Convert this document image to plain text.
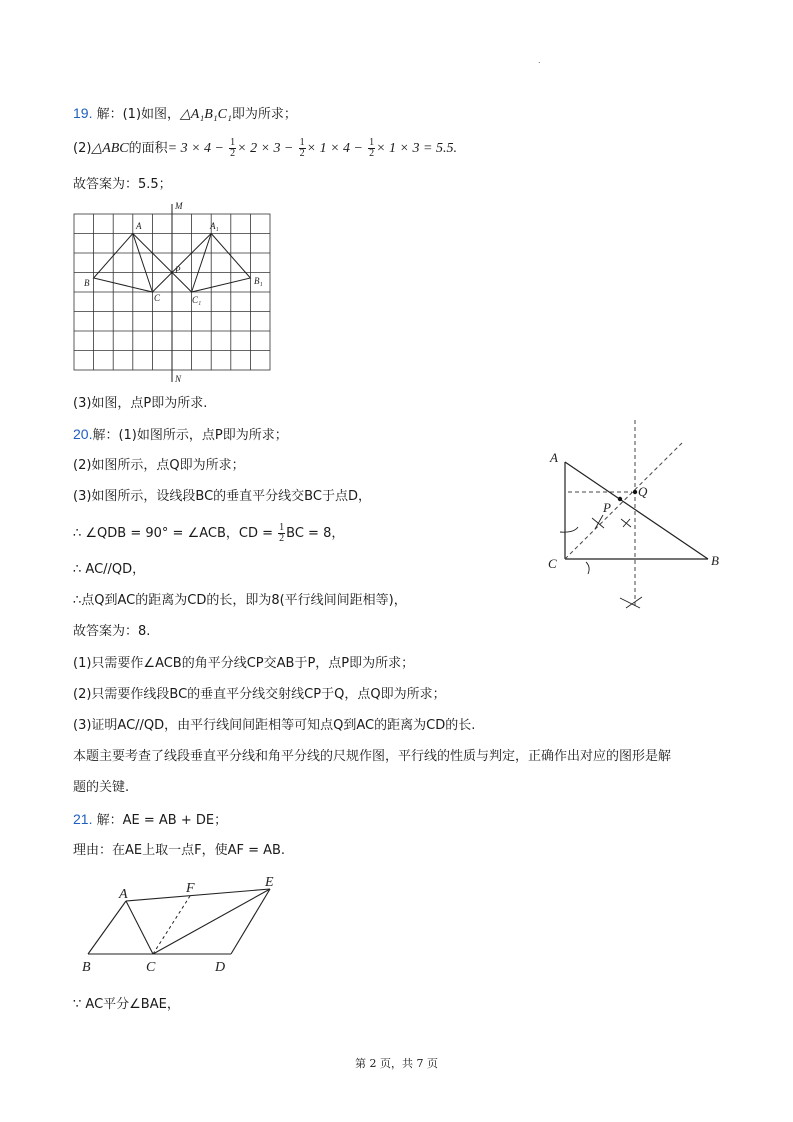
.
19. 解：(1)如图，△A₁B₁C₁即为所求；
(2)△ABC的面积= $3 \times 4 - \frac{1}{2} \times 2 \times 3 - \frac{1}{2} \times 1 \times 4 - \frac{1}{2} \times 1 \times 3 = 5.5$.
故答案为：5.5；
M
N
A	A₁
B	B₁
C	C₁
P
(3)如图，点P即为所求.
20.解：(1)如图所示，点P即为所求；
(2)如图所示，点Q即为所求；
(3)如图所示，设线段BC的垂直平分线交BC于点D，
∴ ∠QDB = 90° = ∠ACB，CD = $\frac{1}{2}$ BC = 8，
∴ AC//QD，
∴点Q到AC的距离为CD的长，即为8(平行线间间距相等)，
故答案为：8.
(1)只需要作∠ACB的角平分线CP交AB于P，点P即为所求；
(2)只需要作线段BC的垂直平分线交射线CP于Q，点Q即为所求；
(3)证明AC//QD，由平行线间间距相等可知点Q到AC的距离为CD的长.
本题主要考查了线段垂直平分线和角平分线的尺规作图，平行线的性质与判定，正确作出对应的图形是解
题的关键.
A
B
C
P
Q
21. 解：AE = AB + DE；
理由：在AE上取一点F，使AF = AB.
A
B	C	D
E
F
∵ AC平分∠BAE，
第 2 页，共 7 页
